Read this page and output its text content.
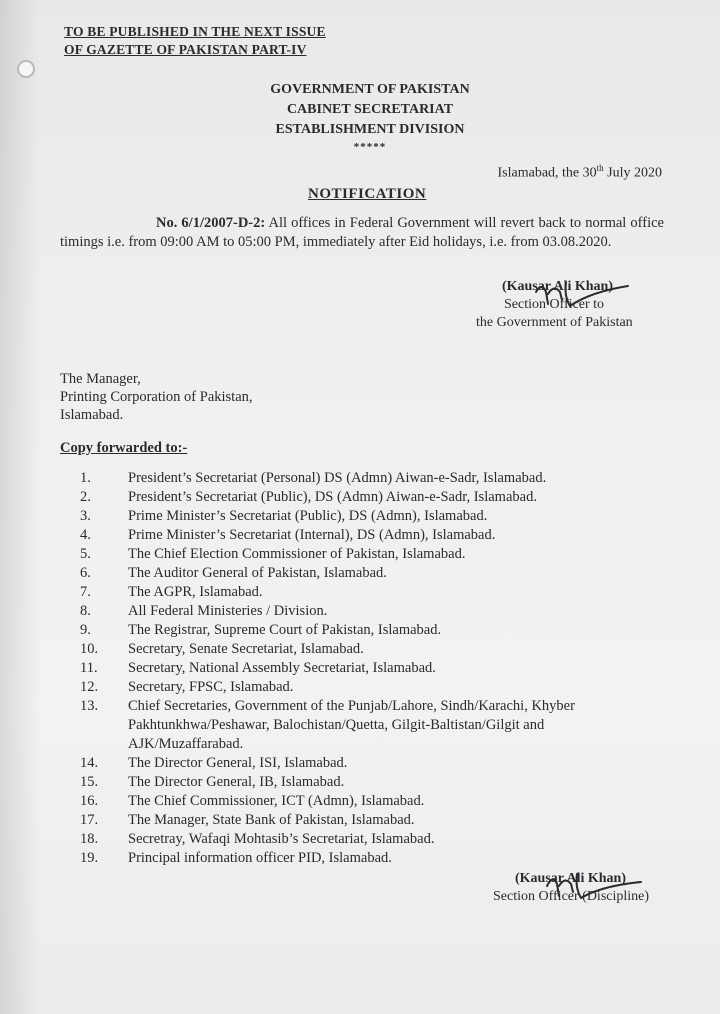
TO BE PUBLISHED IN THE NEXT ISSUE
OF GAZETTE OF PAKISTAN PART-IV
GOVERNMENT OF PAKISTAN
CABINET SECRETARIAT
ESTABLISHMENT DIVISION
*****
Islamabad, the 30th July 2020
NOTIFICATION
No. 6/1/2007-D-2: All offices in Federal Government will revert back to normal office timings i.e. from 09:00 AM to 05:00 PM, immediately after Eid holidays, i.e. from 03.08.2020.
(Kausar Ali Khan)
Section Officer to
the Government of Pakistan
The Manager,
Printing Corporation of Pakistan,
Islamabad.
Copy forwarded to:-
1.	President’s Secretariat (Personal) DS (Admn) Aiwan-e-Sadr, Islamabad.
2.	President’s Secretariat (Public), DS (Admn) Aiwan-e-Sadr, Islamabad.
3.	Prime Minister’s Secretariat (Public), DS (Admn), Islamabad.
4.	Prime Minister’s Secretariat (Internal), DS (Admn), Islamabad.
5.	The Chief Election Commissioner of Pakistan, Islamabad.
6.	The Auditor General of Pakistan, Islamabad.
7.	The AGPR, Islamabad.
8.	All Federal Ministeries / Division.
9.	The Registrar, Supreme Court of Pakistan, Islamabad.
10.	Secretary, Senate Secretariat, Islamabad.
11.	Secretary, National Assembly Secretariat, Islamabad.
12.	Secretary, FPSC, Islamabad.
13.	Chief Secretaries, Government of the Punjab/Lahore, Sindh/Karachi, Khyber Pakhtunkhwa/Peshawar, Balochistan/Quetta, Gilgit-Baltistan/Gilgit and AJK/Muzaffarabad.
14.	The Director General, ISI, Islamabad.
15.	The Director General, IB, Islamabad.
16.	The Chief Commissioner, ICT (Admn), Islamabad.
17.	The Manager, State Bank of Pakistan, Islamabad.
18.	Secretray, Wafaqi Mohtasib’s Secretariat, Islamabad.
19.	Principal information officer PID, Islamabad.
(Kausar Ali Khan)
Section Officer (Discipline)
